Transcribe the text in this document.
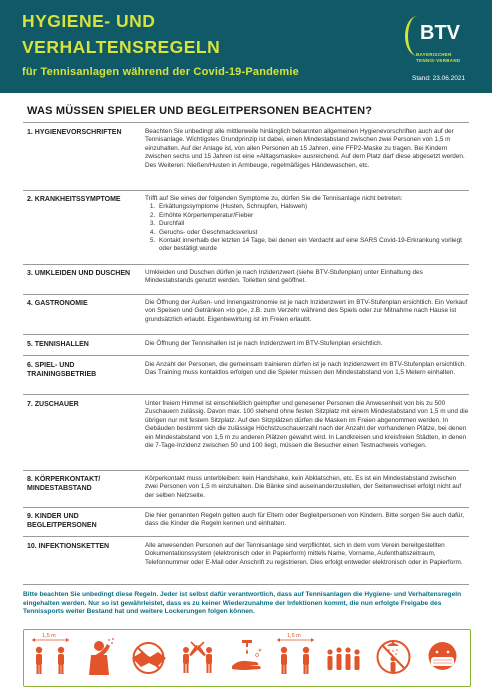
HYGIENE- UND
VERHALTENSREGELN
für Tennisanlagen während der Covid-19-Pandemie
BTV
BAYERISCHER
TENNIS-VERBAND
Stand: 23.06.2021
WAS MÜSSEN SPIELER UND BEGLEITPERSONEN BEACHTEN?
1. HYGIENEVORSCHRIFTEN	Beachten Sie unbedingt alle mittlerweile hinlänglich bekannten allgemeinen Hygienevorschriften auch auf der Tennisanlage. Wichtigstes Grundprinzip ist dabei, einen Mindestabstand zwischen zwei Personen von 1,5 m einzuhalten. Auf der Anlage ist, von allen Personen ab 15 Jahren, eine FFP2-Maske zu tragen. Bei Kindern zwischen sechs und 15 Jahren ist eine »Alltagsmaske« ausreichend. Auf dem Platz darf diese abgesetzt werden. Des Weiteren: Nießen/Husten in Armbeuge, regelmäßiges Händewaschen, etc.
2. KRANKHEITSSYMPTOME	Trifft auf Sie eines der folgenden Symptome zu, dürfen Sie die Tennisanlage nicht betreten:
1. Erkältungssymptome (Husten, Schnupfen, Halsweh)
2. Erhöhte Körpertemperatur/Fieber
3. Durchfall
4. Geruchs- oder Geschmacksverlust
5. Kontakt innerhalb der letzten 14 Tage, bei denen ein Verdacht auf eine SARS Covid-19-Erkrankung vorliegt oder bestätigt wurde
3. UMKLEIDEN UND DUSCHEN	Umkleiden und Duschen dürfen je nach Inzidenzwert (siehe BTV-Stufenplan) unter Einhaltung des Mindestabstands genutzt werden. Toiletten sind geöffnet.
4. GASTRONOMIE	Die Öffnung der Außen- und Innengastronomie ist je nach Inzidenzwert im BTV-Stufenplan ersichtlich. Ein Verkauf von Speisen und Getränken »to go«, z.B. zum Verzehr während des Spiels oder zur Mitnahme nach Hause ist grundsätzlich erlaubt. Eigenbewirtung ist im Freien erlaubt.
5. TENNISHALLEN	Die Öffnung der Tennishallen ist je nach Inzidenzwert im BTV-Stufenplan ersichtlich.
6. SPIEL- UND TRAININGSBETRIEB
Die Anzahl der Personen, die gemeinsam trainieren dürfen ist je nach Inzidenzwert im BTV-Stufenplan ersichtlich. Das Training muss kontaktlos erfolgen und die Spieler müssen den Mindestabstand von 1,5 Metern einhalten.
7. ZUSCHAUER	Unter freiem Himmel ist einschließlich geimpfter und genesener Personen die Anwesenheit von bis zu 500 Zuschauern zulässig. Davon max. 100 stehend ohne festen Sitzplatz mit einem Mindestabstand von 1,5 m und die übrigen nur mit festem Sitzplatz. Auf den Sitzplätzen dürfen die Masken im Freien abgenommen werden. In Gebäuden bestimmt sich die zulässige Höchstzuschauerzahl nach der Anzahl der vorhandenen Plätze, bei denen ein Mindestabstand von 1,5 m zu anderen Plätzen gewahrt wird. In Landkreisen und kreisfreien Städten, in denen die 7-Tage-Inzidenz zwischen 50 und 100 liegt, müssen die Besucher einen Testnachweis vorlegen.
8. KÖRPERKONTAKT/ MINDESTABSTAND
Körperkontakt muss unterbleiben: kein Handshake, kein Abklatschen, etc. Es ist ein Mindestabstand zwischen zwei Personen von 1,5 m einzuhalten. Die Bänke sind auseinanderzustellen, der Seitenwechsel erfolgt nicht auf der selben Netzseite.
9. KINDER UND BEGLEITPERSONEN
Die hier genannten Regeln gelten auch für Eltern oder Begleitpersonen von Kindern. Bitte sorgen Sie auch dafür, dass die Kinder die Regeln kennen und einhalten.
10. INFEKTIONSKETTEN	Alle anwesenden Personen auf der Tennisanlage sind verpflichtet, sich in dem vom Verein bereitgestellten Dokumentationssystem (elektronisch oder in Papierform) mittels Name, Vorname, Aufenthaltszeitraum, Telefonnummer oder E-Mail oder Anschrift zu registrieren. Dies erfolgt entweder elektronisch oder in Papierform.
Bitte beachten Sie unbedingt diese Regeln. Jeder ist selbst dafür verantwortlich, dass auf Tennisanlagen die Hygiene- und Verhaltensregeln eingehalten werden. Nur so ist gewährleistet, dass es zu keiner Wiederzunahme der Infektionen kommt, die nun erfolgte Freigabe des Tennissports weiter Bestand hat und weitere Lockerungen folgen können.
1,5 m	1,5 m
